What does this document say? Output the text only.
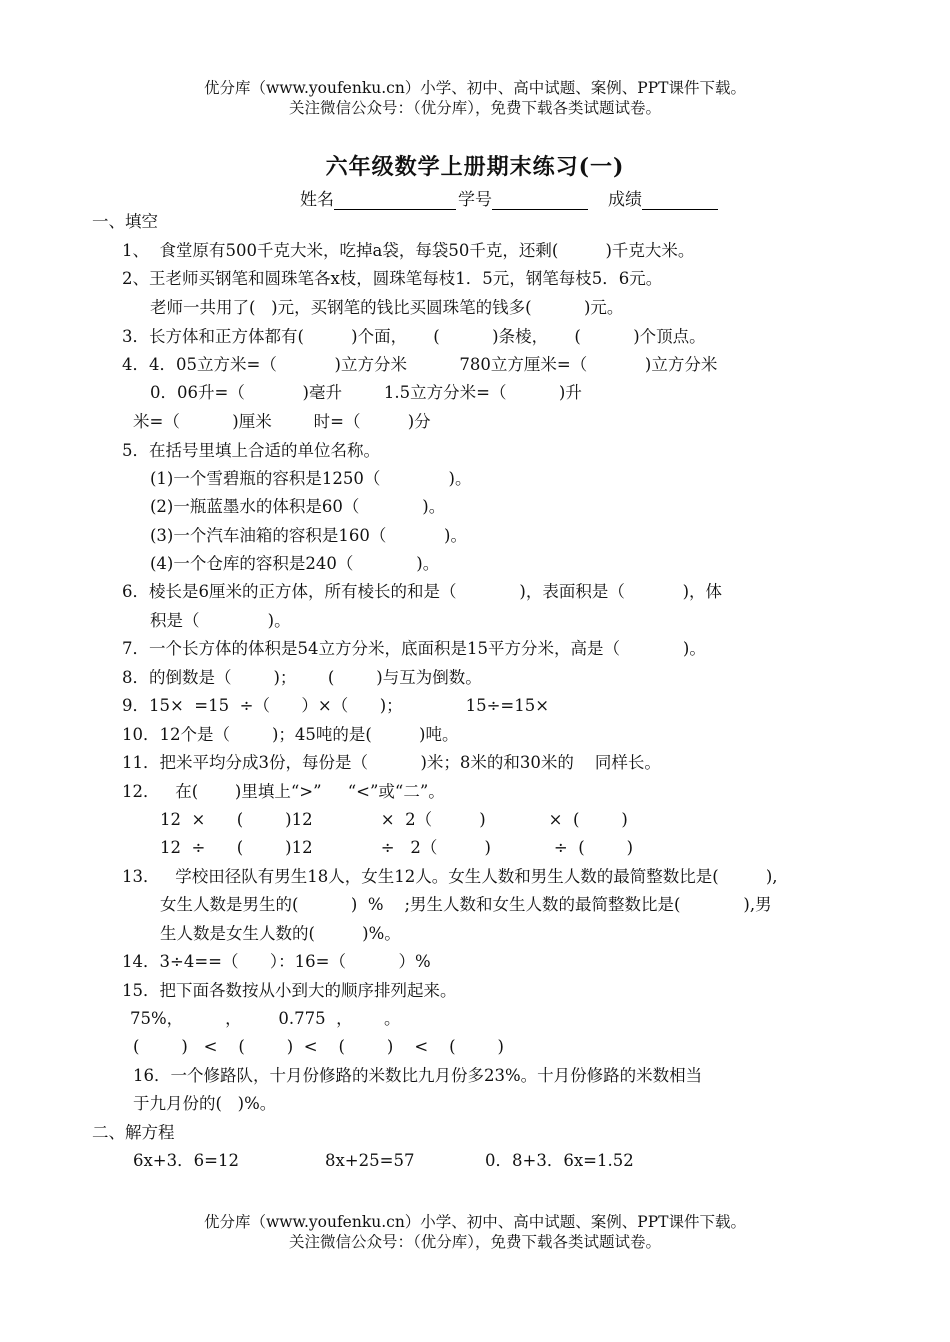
优分库（www.youfenku.cn）小学、初中、高中试题、案例、PPT课件下载。
关注微信公众号：（优分库），免费下载各类试题试卷。
六年级数学上册期末练习(一)
姓名	学号	成绩
一、填空
1、  食堂原有500千克大米，吃掉a袋，每袋50千克，还剩(         )千克大米。
2、王老师买钢笔和圆珠笔各x枝，圆珠笔每枝1．5元，钢笔每枝5．6元。
老师一共用了(   )元，买钢笔的钱比买圆珠笔的钱多(          )元。
3．长方体和正方体都有(         )个面，     (          )条棱，     (          )个顶点。
4．4．05立方米=（           )立方分米          780立方厘米=（           )立方分米
0．06升=（           )毫升        1.5立方分米=（          )升
米=（          )厘米        时=（         )分
5．在括号里填上合适的单位名称。
(1)一个雪碧瓶的容积是1250（             )。
(2)一瓶蓝墨水的体积是60（            )。
(3)一个汽车油箱的容积是160（           )。
(4)一个仓库的容积是240（            )。
6．棱长是6厘米的正方体，所有棱长的和是（            )，表面积是（           )，体
积是（             )。
7．一个长方体的体积是54立方分米，底面积是15平方分米，高是（            )。
8．的倒数是（        )；      (        )与互为倒数。
9．15×  =15  ÷（      ）×（      )；            15÷=15×
10．12个是（        )；45吨的是(         )吨。
11．把米平均分成3份，每份是（          )米；8米的和30米的    同样长。
12．   在(       )里填上“>”     “<”或“二”。
12  ×      (        )12             ×  2（         )            ×  (        )
12  ÷      (        )12             ÷   2（         )            ÷  (        )
13．   学校田径队有男生18人，女生12人。女生人数和男生人数的最简整数比是(         ),
女生人数是男生的(          )  %    ;男生人数和女生人数的最简整数比是(            ),男
生人数是女生人数的(         )%。
14．3÷4==（      ）：16=（          ）%
15．把下面各数按从小到大的顺序排列起来。
75%，        ，       0.775  ，      。
(        )   <    (        )  <    (        )    <    (        )
16．一个修路队，十月份修路的米数比九月份多23%。十月份修路的米数相当
于九月份的(   )%。
二、解方程
6x+3．6=12	8x+25=57	0．8+3．6x=1.52
优分库（www.youfenku.cn）小学、初中、高中试题、案例、PPT课件下载。
关注微信公众号：（优分库），免费下载各类试题试卷。
